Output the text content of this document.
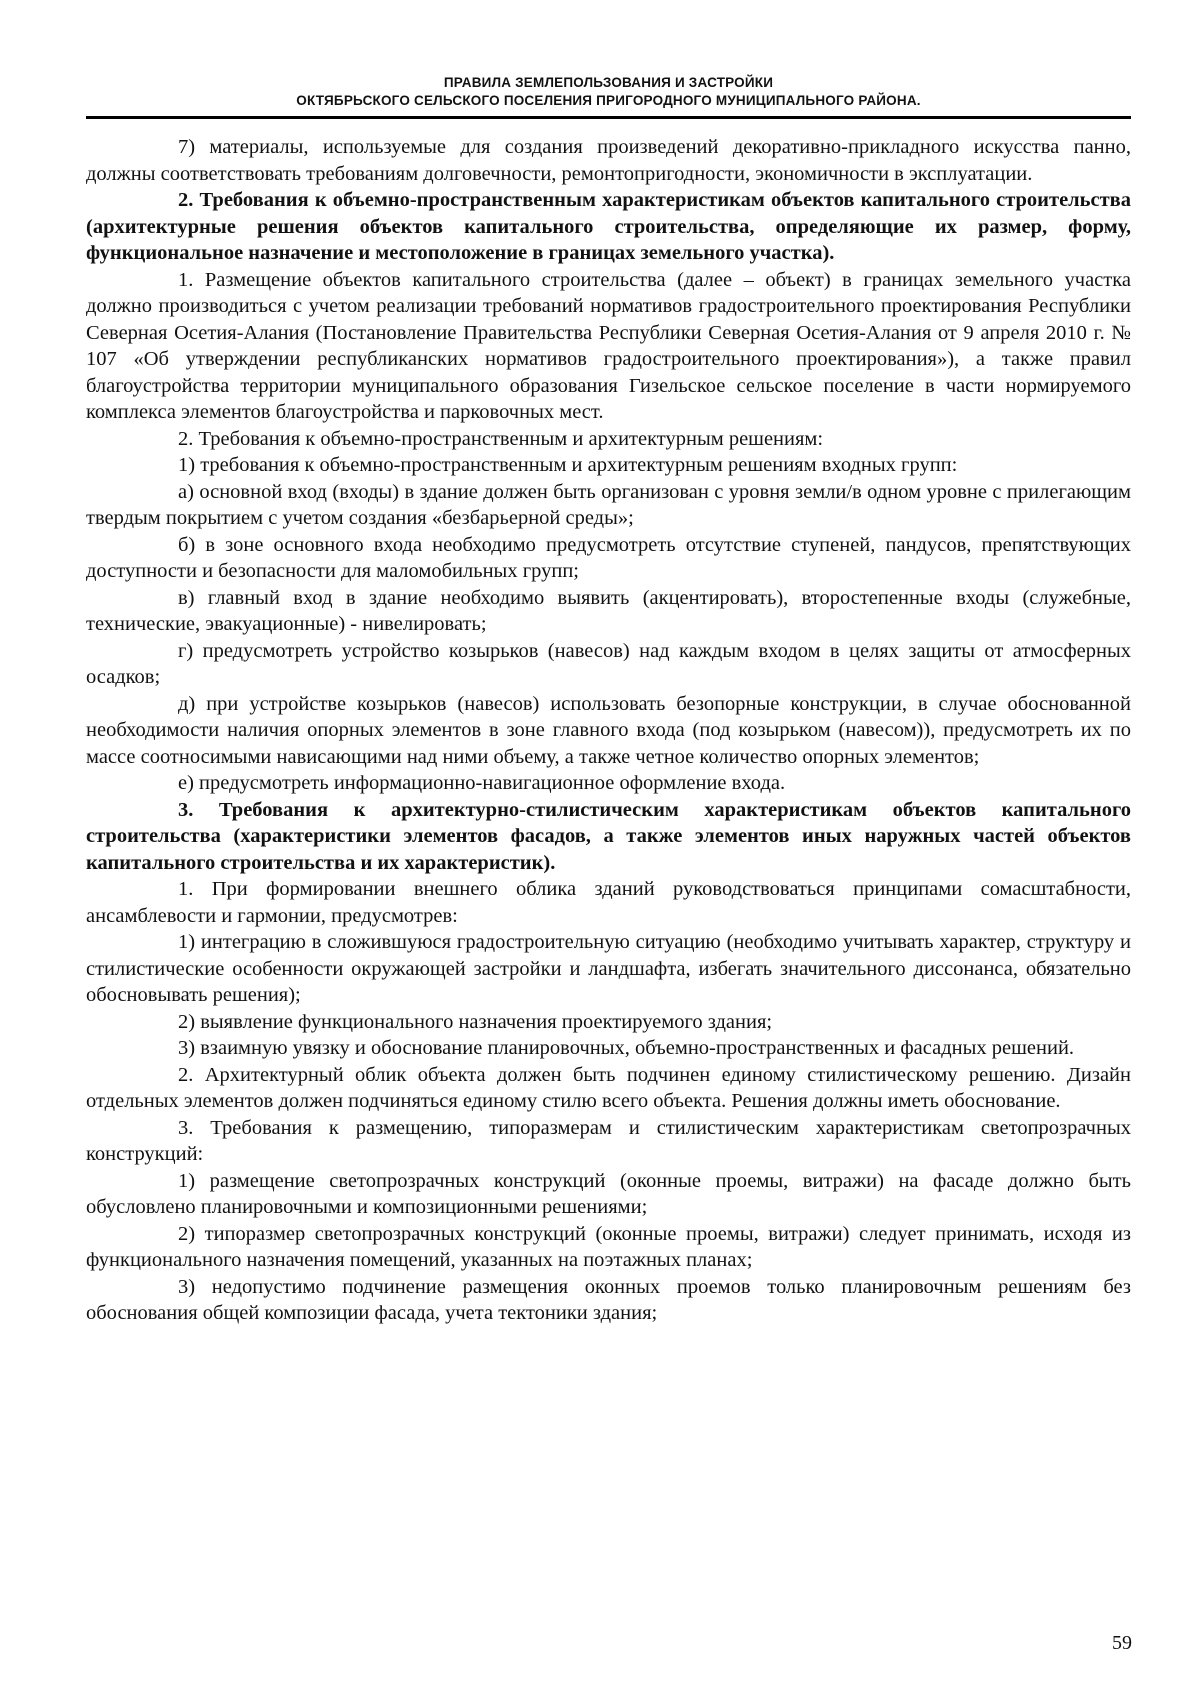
ПРАВИЛА ЗЕМЛЕПОЛЬЗОВАНИЯ И ЗАСТРОЙКИ
ОКТЯБРЬСКОГО СЕЛЬСКОГО ПОСЕЛЕНИЯ ПРИГОРОДНОГО МУНИЦИПАЛЬНОГО РАЙОНА.

7) материалы, используемые для создания произведений декоративно-прикладного искусства панно, должны соответствовать требованиям долговечности, ремонтопригодности, экономичности в эксплуатации.

2. Требования к объемно-пространственным характеристикам объектов капитального строительства (архитектурные решения объектов капитального строительства, определяющие их размер, форму, функциональное назначение и местоположение в границах земельного участка).

1. Размещение объектов капитального строительства (далее – объект) в границах земельного участка должно производиться с учетом реализации требований нормативов градостроительного проектирования Республики Северная Осетия-Алания (Постановление Правительства Республики Северная Осетия-Алания от 9 апреля 2010 г. № 107 «Об утверждении республиканских нормативов градостроительного проектирования»), а также правил благоустройства территории муниципального образования Гизельское сельское поселение в части нормируемого комплекса элементов благоустройства и парковочных мест.

2. Требования к объемно-пространственным и архитектурным решениям:

1) требования к объемно-пространственным и архитектурным решениям входных групп:

а) основной вход (входы) в здание должен быть организован с уровня земли/в одном уровне с прилегающим твердым покрытием с учетом создания «безбарьерной среды»;

б) в зоне основного входа необходимо предусмотреть отсутствие ступеней, пандусов, препятствующих доступности и безопасности для маломобильных групп;

в) главный вход в здание необходимо выявить (акцентировать), второстепенные входы (служебные, технические, эвакуационные) - нивелировать;

г) предусмотреть устройство козырьков (навесов) над каждым входом в целях защиты от атмосферных осадков;

д) при устройстве козырьков (навесов) использовать безопорные конструкции, в случае обоснованной необходимости наличия опорных элементов в зоне главного входа (под козырьком (навесом)), предусмотреть их по массе соотносимыми нависающими над ними объему, а также четное количество опорных элементов;

е) предусмотреть информационно-навигационное оформление входа.

3. Требования к архитектурно-стилистическим характеристикам объектов капитального строительства (характеристики элементов фасадов, а также элементов иных наружных частей объектов капитального строительства и их характеристик).

1. При формировании внешнего облика зданий руководствоваться принципами сомасштабности, ансамблевости и гармонии, предусмотрев:

1) интеграцию в сложившуюся градостроительную ситуацию (необходимо учитывать характер, структуру и стилистические особенности окружающей застройки и ландшафта, избегать значительного диссонанса, обязательно обосновывать решения);

2) выявление функционального назначения проектируемого здания;

3) взаимную увязку и обоснование планировочных, объемно-пространственных и фасадных решений.

2. Архитектурный облик объекта должен быть подчинен единому стилистическому решению. Дизайн отдельных элементов должен подчиняться единому стилю всего объекта. Решения должны иметь обоснование.

3. Требования к размещению, типоразмерам и стилистическим характеристикам светопрозрачных конструкций:

1) размещение светопрозрачных конструкций (оконные проемы, витражи) на фасаде должно быть обусловлено планировочными и композиционными решениями;

2) типоразмер светопрозрачных конструкций (оконные проемы, витражи) следует принимать, исходя из функционального назначения помещений, указанных на поэтажных планах;

3) недопустимо подчинение размещения оконных проемов только планировочным решениям без обоснования общей композиции фасада, учета тектоники здания;

59
